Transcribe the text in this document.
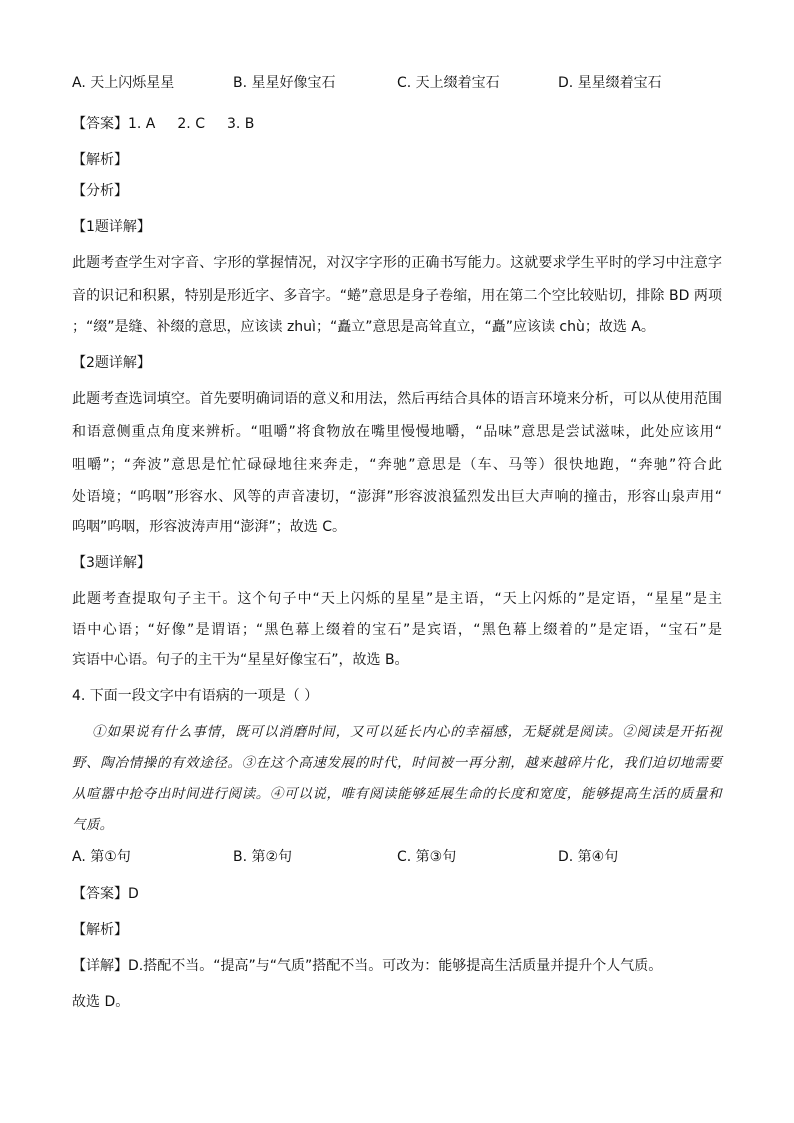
A. 天上闪烁星星	B. 星星好像宝石	C. 天上缀着宝石	D. 星星缀着宝石
【答案】1. A 2. C 3. B
【解析】
【分析】
【1题详解】
此题考查学生对字音、字形的掌握情况，对汉字字形的正确书写能力。这就要求学生平时的学习中注意字
音的识记和积累，特别是形近字、多音字。“蜷”意思是身子卷缩，用在第二个空比较贴切，排除 BD 两项
；“缀”是缝、补缀的意思，应该读 zhuì；“矗立”意思是高耸直立，“矗”应该读 chù；故选 A。
【2题详解】
此题考查选词填空。首先要明确词语的意义和用法，然后再结合具体的语言环境来分析，可以从使用范围
和语意侧重点角度来辨析。“咀嚼”将食物放在嘴里慢慢地嚼，“品味”意思是尝试滋味，此处应该用“
咀嚼”；“奔波”意思是忙忙碌碌地往来奔走，“奔驰”意思是（车、马等）很快地跑，“奔驰”符合此
处语境；“呜咽”形容水、风等的声音凄切，“澎湃”形容波浪猛烈发出巨大声响的撞击，形容山泉声用“
呜咽”呜咽，形容波涛声用“澎湃”；故选 C。
【3题详解】
此题考查提取句子主干。这个句子中“天上闪烁的星星”是主语，“天上闪烁的”是定语，“星星”是主
语中心语；“好像”是谓语；“黑色幕上缀着的宝石”是宾语，“黑色幕上缀着的”是定语，“宝石”是
宾语中心语。句子的主干为“星星好像宝石”，故选 B。
4. 下面一段文字中有语病的一项是（ ）
①如果说有什么事情，既可以消磨时间，又可以延长内心的幸福感，无疑就是阅读。②阅读是开拓视
野、陶冶情操的有效途径。③在这个高速发展的时代，时间被一再分割，越来越碎片化，我们迫切地需要
从喧嚣中抢夺出时间进行阅读。④可以说，唯有阅读能够延展生命的长度和宽度，能够提高生活的质量和
气质。
A. 第①句	B. 第②句	C. 第③句	D. 第④句
【答案】D
【解析】
【详解】D.搭配不当。“提高”与“气质”搭配不当。可改为：能够提高生活质量并提升个人气质。
故选 D。
